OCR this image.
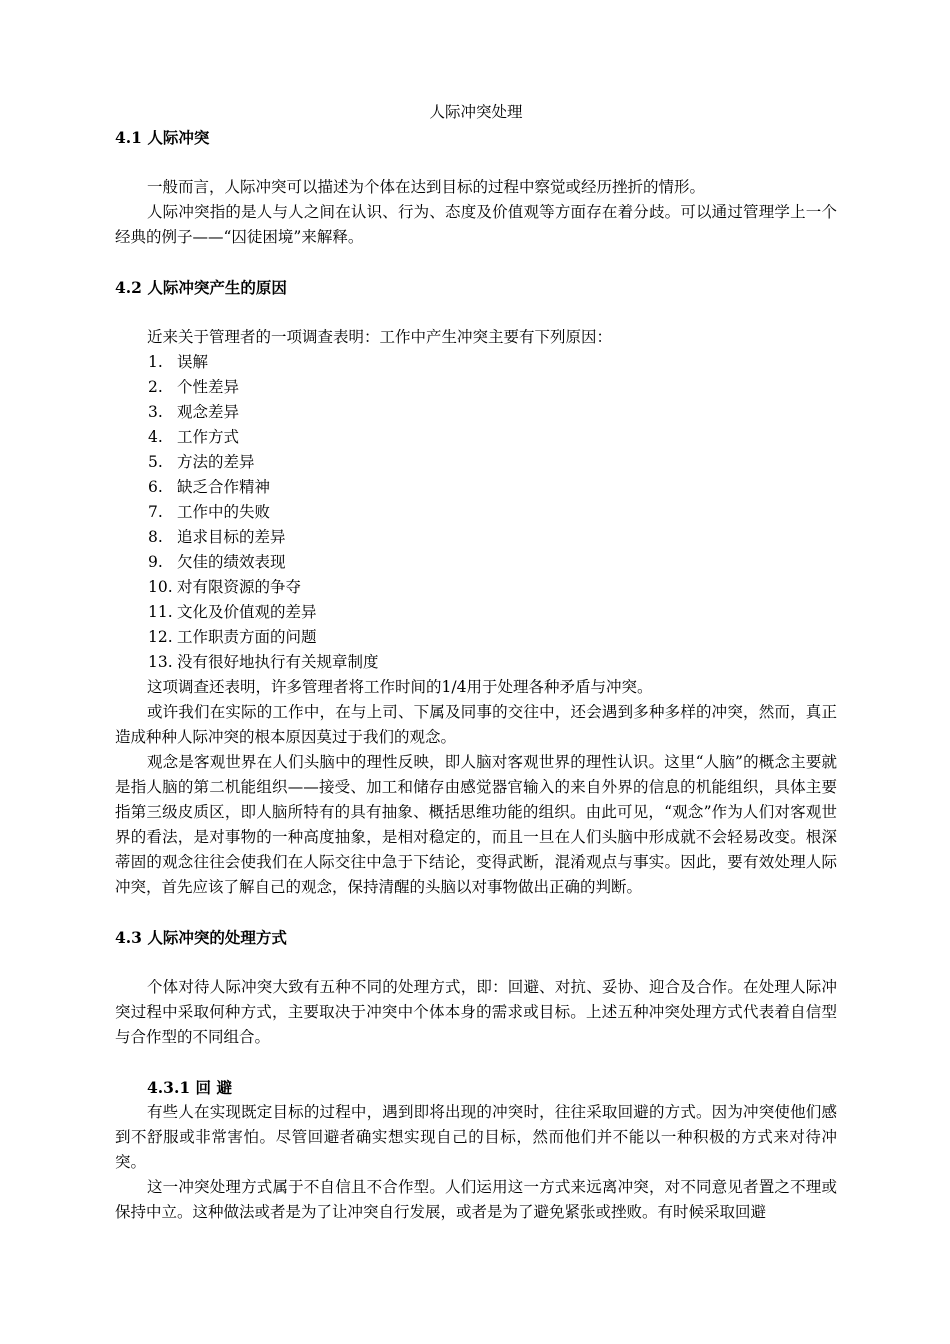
人际冲突处理
4.1 人际冲突

一般而言，人际冲突可以描述为个体在达到目标的过程中察觉或经历挫折的情形。

人际冲突指的是人与人之间在认识、行为、态度及价值观等方面存在着分歧。可以通过管理学上一个经典的例子——“囚徒困境”来解释。

4.2 人际冲突产生的原因

近来关于管理者的一项调查表明：工作中产生冲突主要有下列原因：

1. 误解
2. 个性差异
3. 观念差异
4. 工作方式
5. 方法的差异
6. 缺乏合作精神
7. 工作中的失败
8. 追求目标的差异
9. 欠佳的绩效表现
10. 对有限资源的争夺
11. 文化及价值观的差异
12. 工作职责方面的问题
13. 没有很好地执行有关规章制度

这项调查还表明，许多管理者将工作时间的1/4用于处理各种矛盾与冲突。

或许我们在实际的工作中，在与上司、下属及同事的交往中，还会遇到多种多样的冲突，然而，真正造成种种人际冲突的根本原因莫过于我们的观念。

观念是客观世界在人们头脑中的理性反映，即人脑对客观世界的理性认识。这里“人脑”的概念主要就是指人脑的第二机能组织——接受、加工和储存由感觉器官输入的来自外界的信息的机能组织，具体主要指第三级皮质区，即人脑所特有的具有抽象、概括思维功能的组织。由此可见，“观念”作为人们对客观世界的看法，是对事物的一种高度抽象，是相对稳定的，而且一旦在人们头脑中形成就不会轻易改变。根深蒂固的观念往往会使我们在人际交往中急于下结论，变得武断，混淆观点与事实。因此，要有效处理人际冲突，首先应该了解自己的观念，保持清醒的头脑以对事物做出正确的判断。

4.3 人际冲突的处理方式

个体对待人际冲突大致有五种不同的处理方式，即：回避、对抗、妥协、迎合及合作。在处理人际冲突过程中采取何种方式，主要取决于冲突中个体本身的需求或目标。上述五种冲突处理方式代表着自信型与合作型的不同组合。

4.3.1 回 避

有些人在实现既定目标的过程中，遇到即将出现的冲突时，往往采取回避的方式。因为冲突使他们感到不舒服或非常害怕。尽管回避者确实想实现自己的目标，然而他们并不能以一种积极的方式来对待冲突。

这一冲突处理方式属于不自信且不合作型。人们运用这一方式来远离冲突，对不同意见者置之不理或保持中立。这种做法或者是为了让冲突自行发展，或者是为了避免紧张或挫败。有时候采取回避
